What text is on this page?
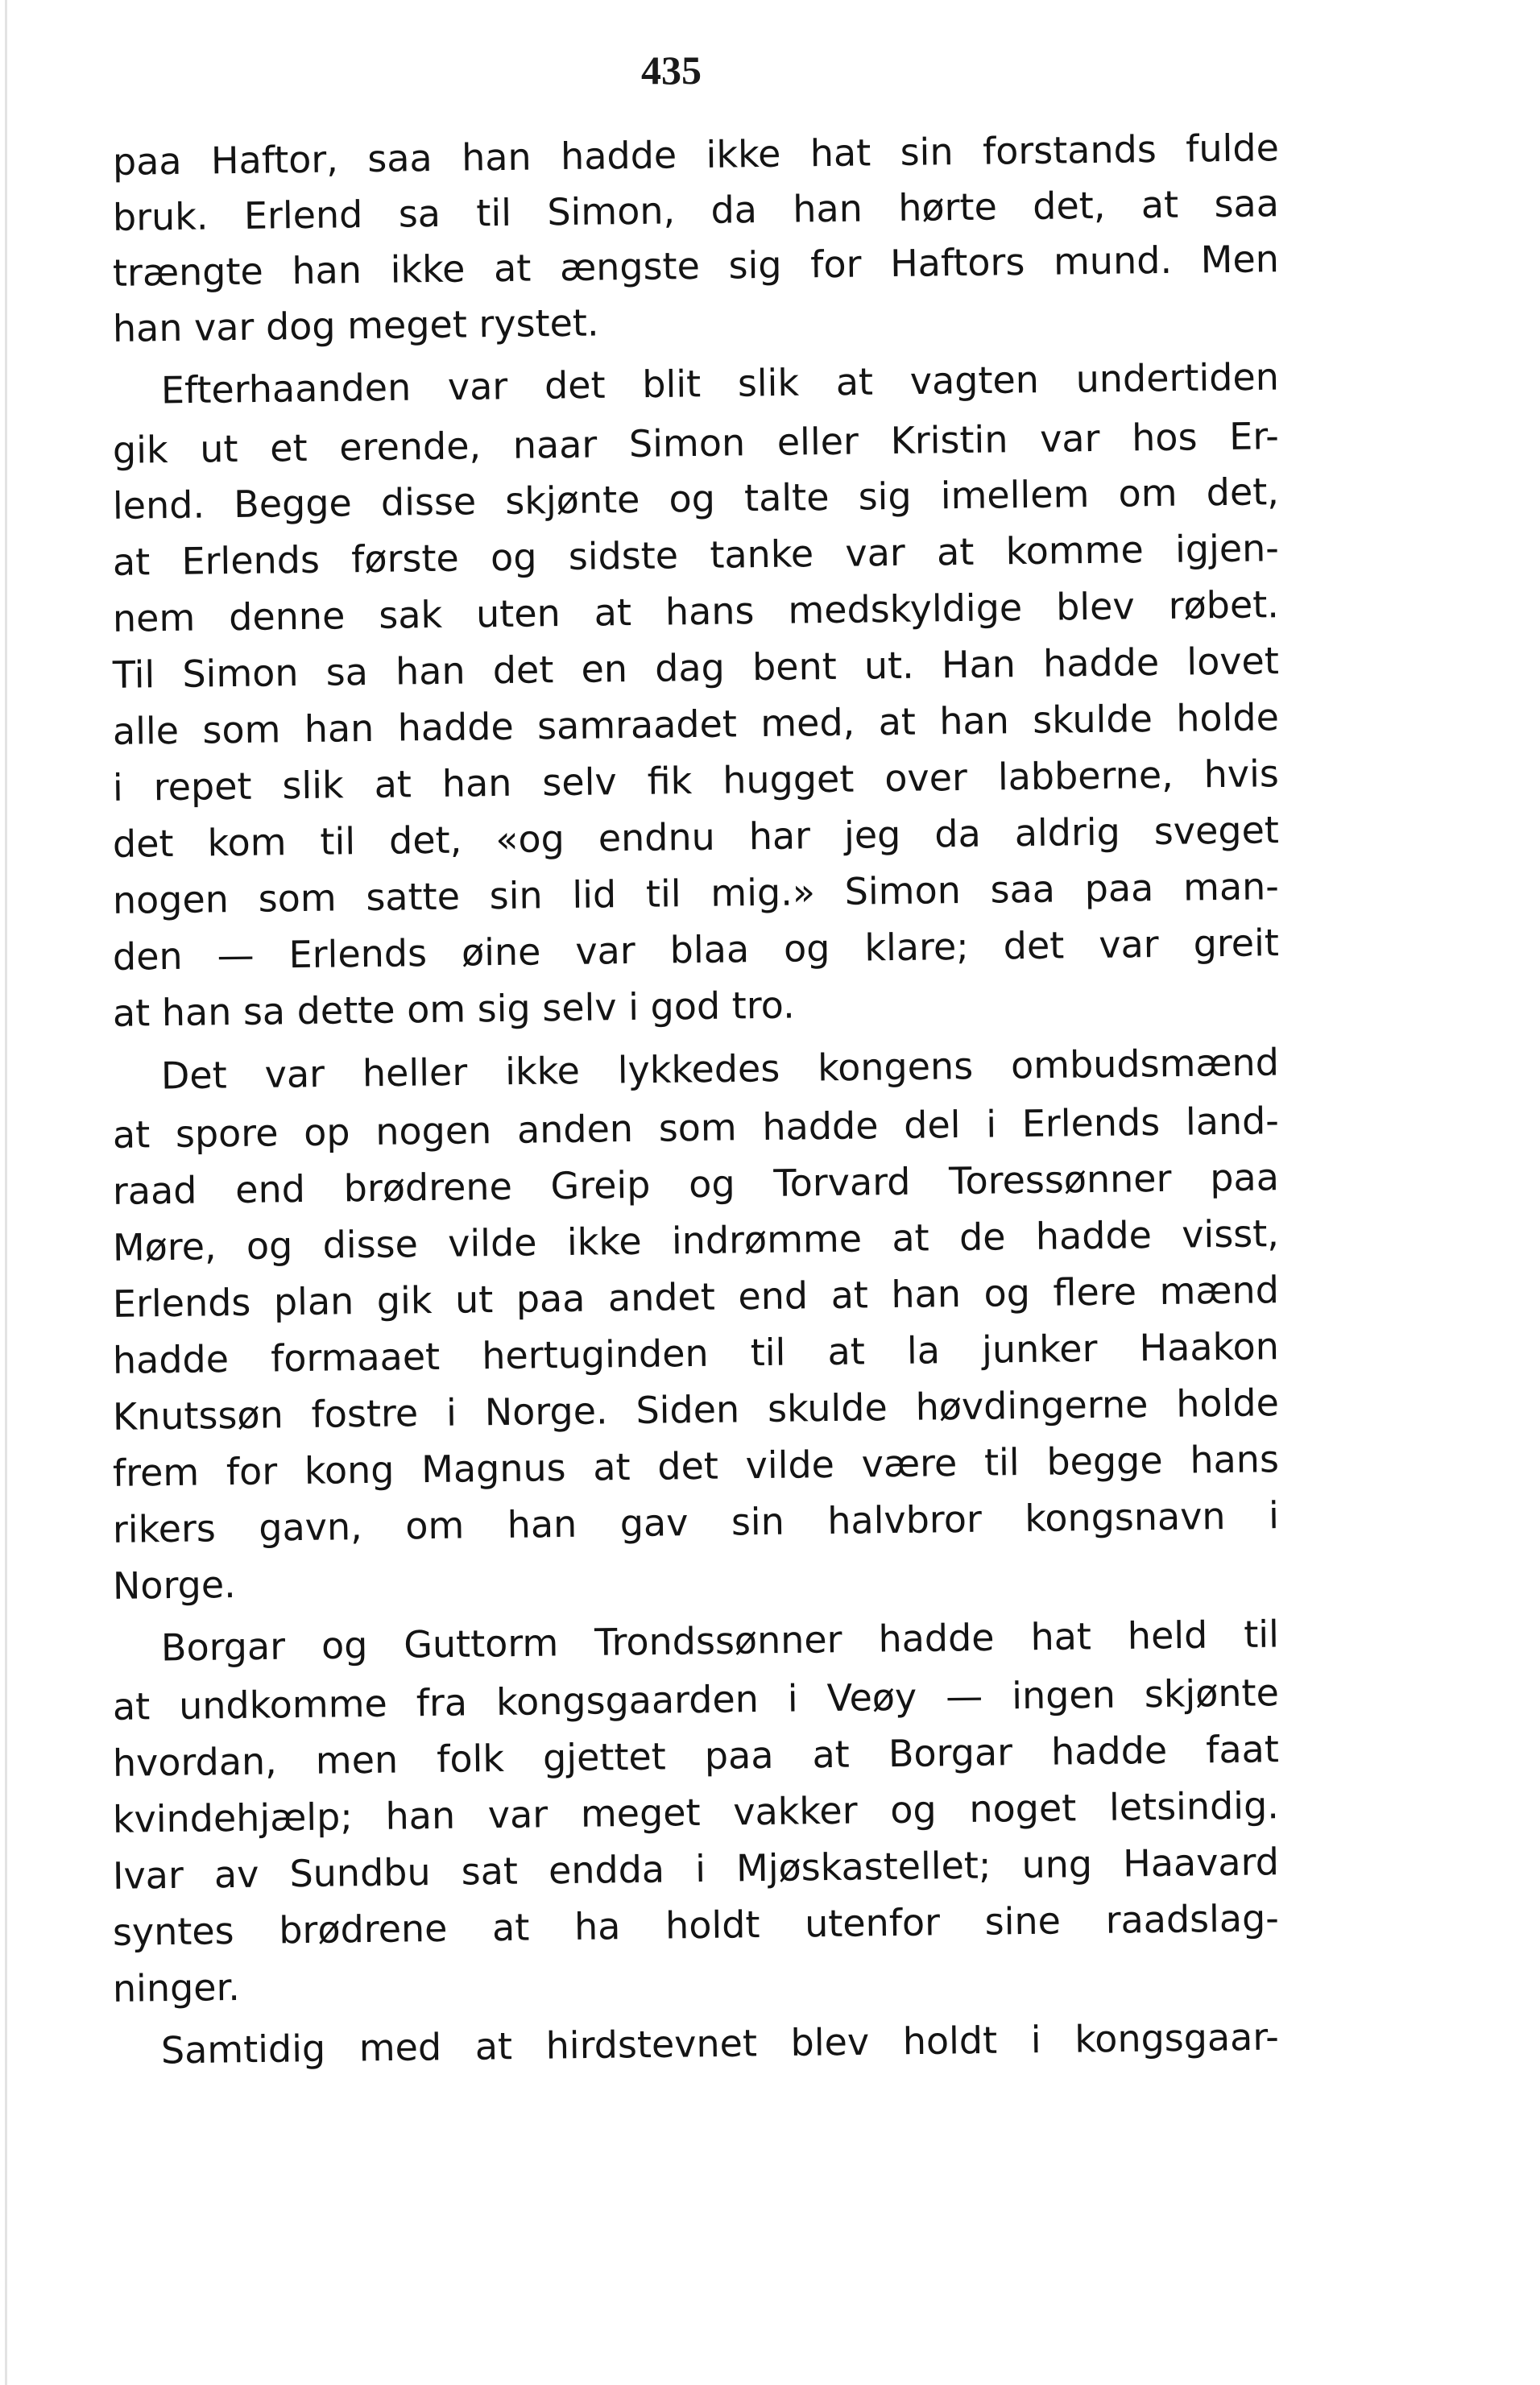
435
paa Haftor, saa han hadde ikke hat sin forstands fulde
bruk. Erlend sa til Simon, da han hørte det, at saa
trængte han ikke at ængste sig for Haftors mund. Men
han var dog meget rystet.
Efterhaanden var det blit slik at vagten undertiden
gik ut et erende, naar Simon eller Kristin var hos Er-
lend. Begge disse skjønte og talte sig imellem om det,
at Erlends første og sidste tanke var at komme igjen-
nem denne sak uten at hans medskyldige blev røbet.
Til Simon sa han det en dag bent ut. Han hadde lovet
alle som han hadde samraadet med, at han skulde holde
i repet slik at han selv fik hugget over labberne, hvis
det kom til det, «og endnu har jeg da aldrig sveget
nogen som satte sin lid til mig.» Simon saa paa man-
den — Erlends øine var blaa og klare; det var greit
at han sa dette om sig selv i god tro.
Det var heller ikke lykkedes kongens ombudsmænd
at spore op nogen anden som hadde del i Erlends land-
raad end brødrene Greip og Torvard Toressønner paa
Møre, og disse vilde ikke indrømme at de hadde visst,
Erlends plan gik ut paa andet end at han og flere mænd
hadde formaaet hertuginden til at la junker Haakon
Knutssøn fostre i Norge. Siden skulde høvdingerne holde
frem for kong Magnus at det vilde være til begge hans
rikers gavn, om han gav sin halvbror kongsnavn i
Norge.
Borgar og Guttorm Trondssønner hadde hat held til
at undkomme fra kongsgaarden i Veøy — ingen skjønte
hvordan, men folk gjettet paa at Borgar hadde faat
kvindehjælp; han var meget vakker og noget letsindig.
Ivar av Sundbu sat endda i Mjøskastellet; ung Haavard
syntes brødrene at ha holdt utenfor sine raadslag-
ninger.
Samtidig med at hirdstevnet blev holdt i kongsgaar-
